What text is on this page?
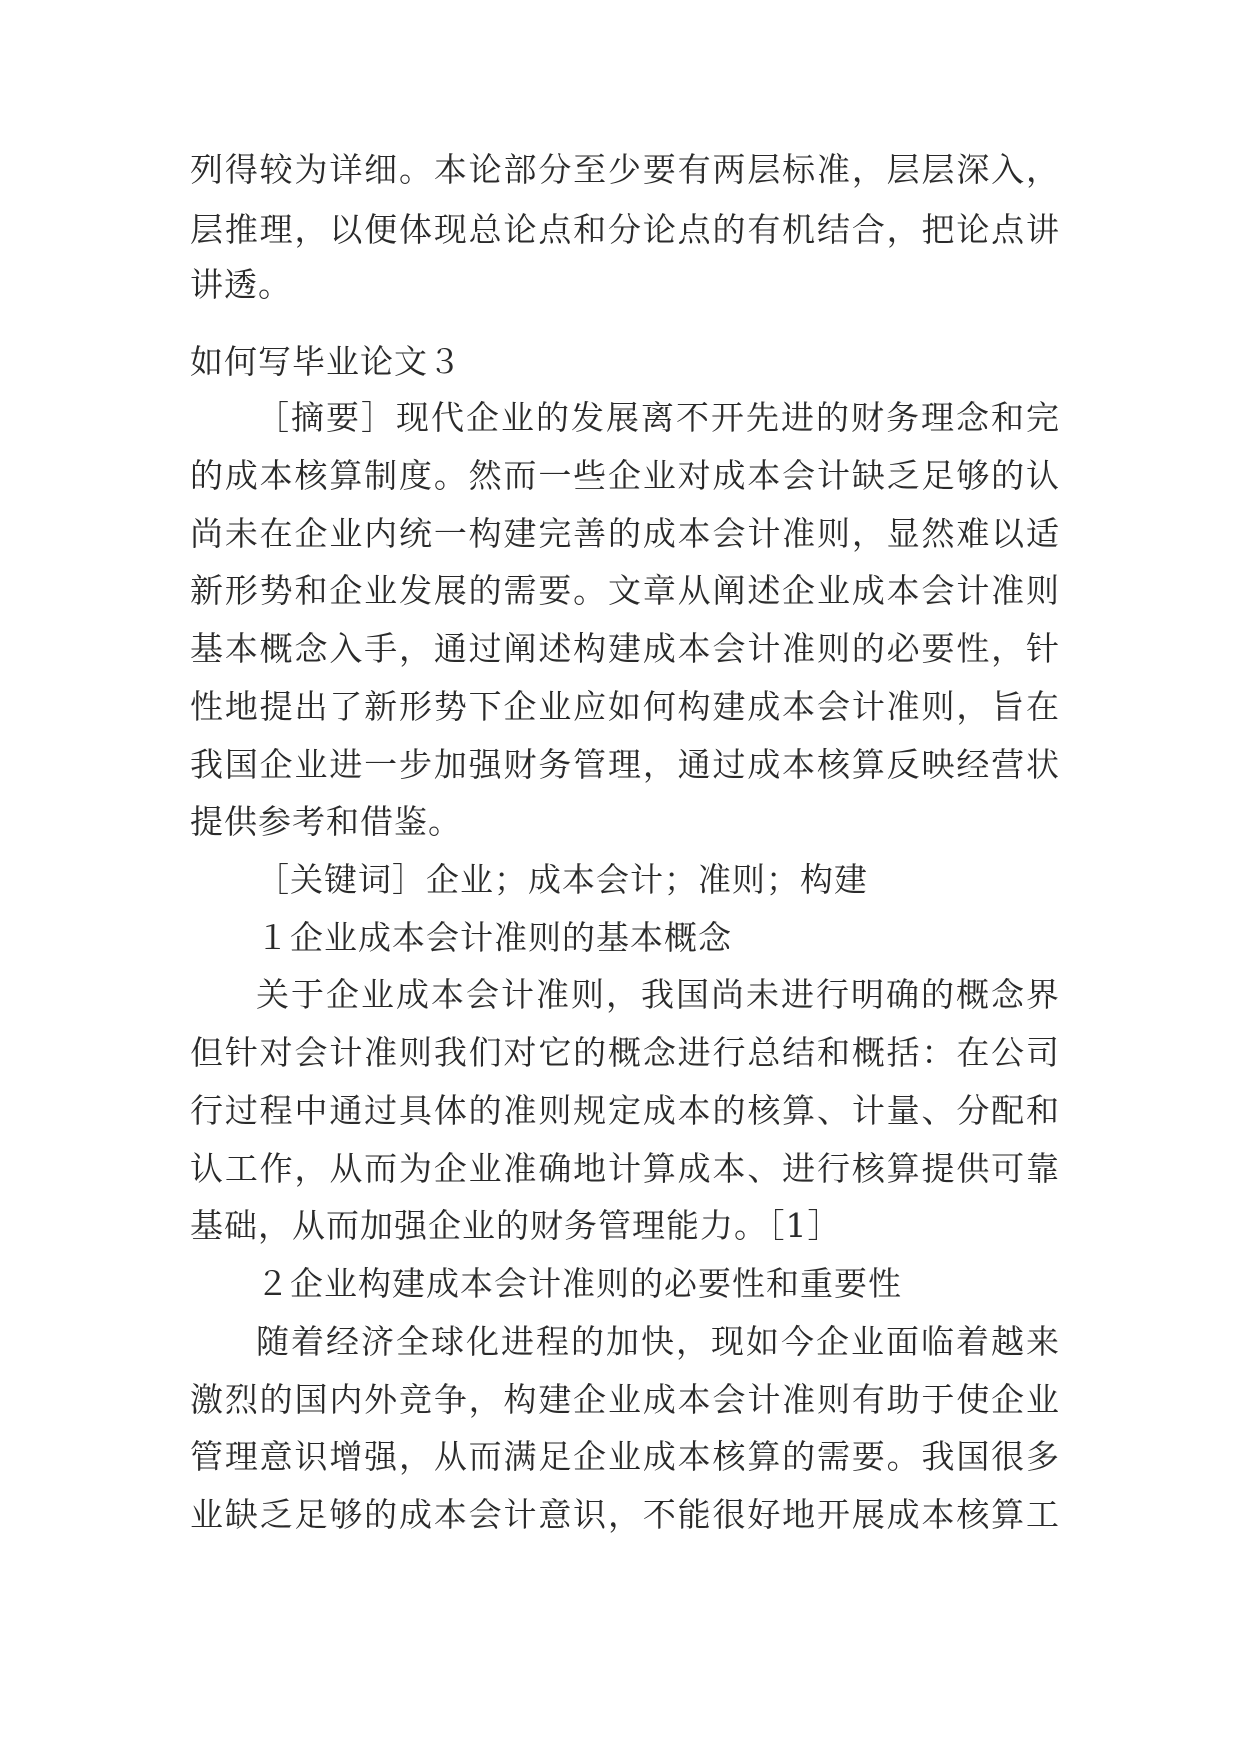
列得较为详细。本论部分至少要有两层标准，层层深入，
层推理，以便体现总论点和分论点的有机结合，把论点讲
讲透。
如何写毕业论文３
［摘要］现代企业的发展离不开先进的财务理念和完
的成本核算制度。然而一些企业对成本会计缺乏足够的认
尚未在企业内统一构建完善的成本会计准则，显然难以适
新形势和企业发展的需要。文章从阐述企业成本会计准则
基本概念入手，通过阐述构建成本会计准则的必要性，针
性地提出了新形势下企业应如何构建成本会计准则，旨在
我国企业进一步加强财务管理，通过成本核算反映经营状
提供参考和借鉴。
［关键词］企业；成本会计；准则；构建
１企业成本会计准则的基本概念
关于企业成本会计准则，我国尚未进行明确的概念界
但针对会计准则我们对它的概念进行总结和概括：在公司
行过程中通过具体的准则规定成本的核算、计量、分配和
认工作，从而为企业准确地计算成本、进行核算提供可靠
基础，从而加强企业的财务管理能力。［1］
２企业构建成本会计准则的必要性和重要性
随着经济全球化进程的加快，现如今企业面临着越来
激烈的国内外竞争，构建企业成本会计准则有助于使企业
管理意识增强，从而满足企业成本核算的需要。我国很多
业缺乏足够的成本会计意识，不能很好地开展成本核算工
